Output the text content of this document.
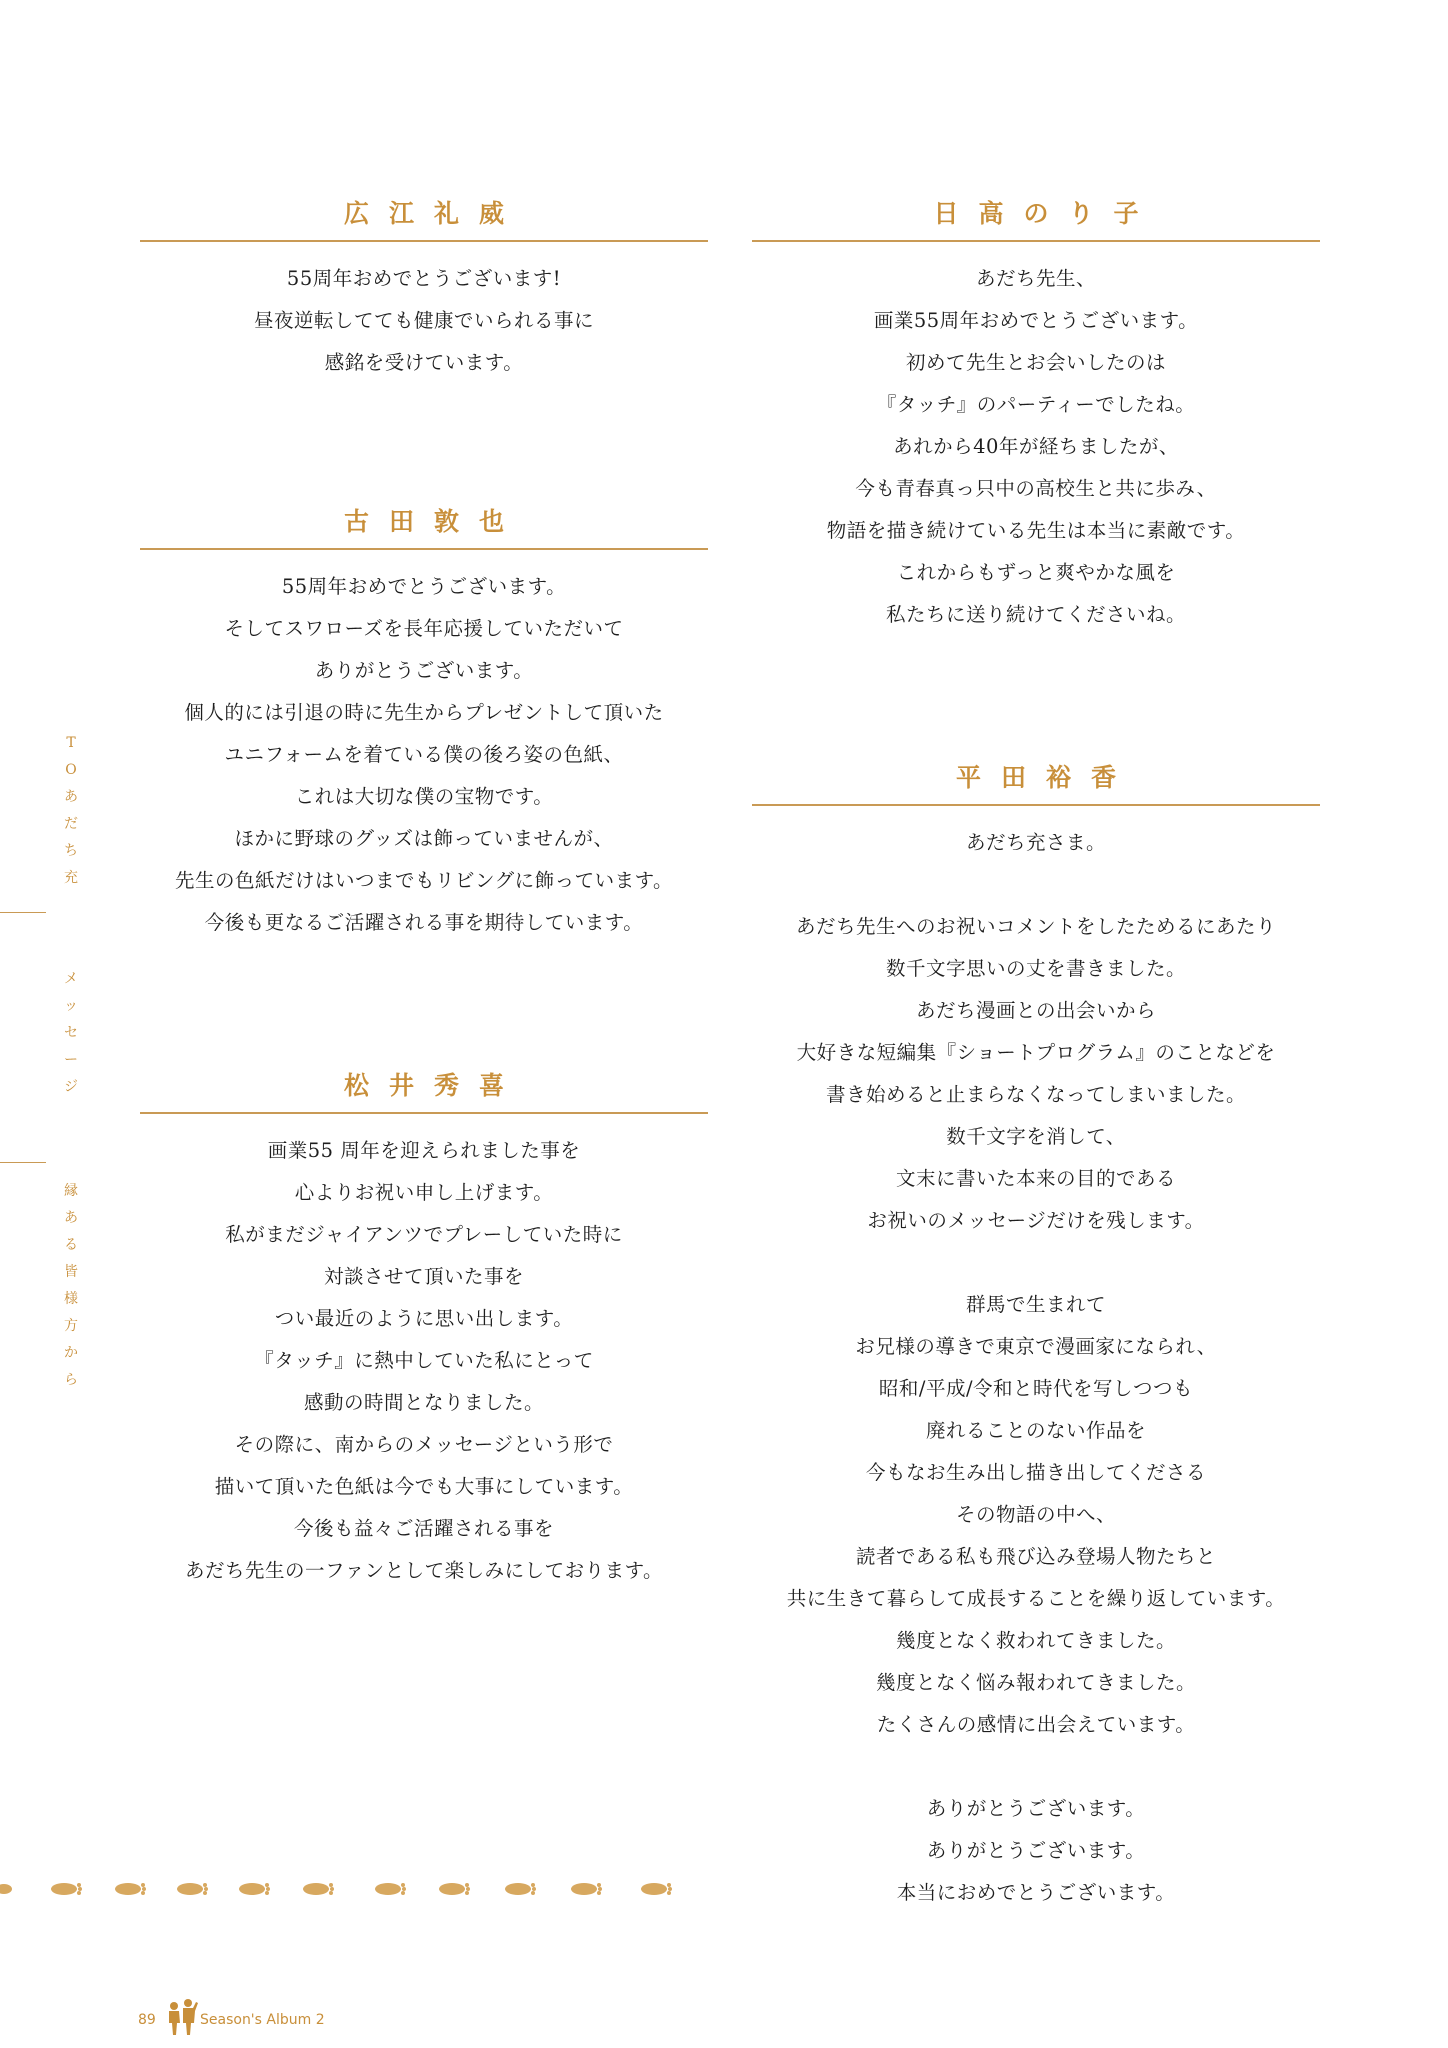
広江礼威
55周年おめでとうございます!
昼夜逆転してても健康でいられる事に
感銘を受けています。
古田敦也
55周年おめでとうございます。
そしてスワローズを長年応援していただいて
ありがとうございます。
個人的には引退の時に先生からプレゼントして頂いた
ユニフォームを着ている僕の後ろ姿の色紙、
これは大切な僕の宝物です。
ほかに野球のグッズは飾っていませんが、
先生の色紙だけはいつまでもリビングに飾っています。
今後も更なるご活躍される事を期待しています。
松井秀喜
画業55 周年を迎えられました事を
心よりお祝い申し上げます。
私がまだジャイアンツでプレーしていた時に
対談させて頂いた事を
つい最近のように思い出します。
『タッチ』に熱中していた私にとって
感動の時間となりました。
その際に、南からのメッセージという形で
描いて頂いた色紙は今でも大事にしています。
今後も益々ご活躍される事を
あだち先生の一ファンとして楽しみにしております。
日高のり子
あだち先生、
画業55周年おめでとうございます。
初めて先生とお会いしたのは
『タッチ』のパーティーでしたね。
あれから40年が経ちましたが、
今も青春真っ只中の高校生と共に歩み、
物語を描き続けている先生は本当に素敵です。
これからもずっと爽やかな風を
私たちに送り続けてくださいね。
平田裕香
あだち充さま。
あだち先生へのお祝いコメントをしたためるにあたり
数千文字思いの丈を書きました。
あだち漫画との出会いから
大好きな短編集『ショートプログラム』のことなどを
書き始めると止まらなくなってしまいました。
数千文字を消して、
文末に書いた本来の目的である
お祝いのメッセージだけを残します。
群馬で生まれて
お兄様の導きで東京で漫画家になられ、
昭和/平成/令和と時代を写しつつも
廃れることのない作品を
今もなお生み出し描き出してくださる
その物語の中へ、
読者である私も飛び込み登場人物たちと
共に生きて暮らして成長することを繰り返しています。
幾度となく救われてきました。
幾度となく悩み報われてきました。
たくさんの感情に出会えています。
ありがとうございます。
ありがとうございます。
本当におめでとうございます。
T
O
あ
だ
ち
充
メ
ッ
セ
ー
ジ
縁
あ
る
皆
様
方
か
ら
89	Season's Album 2
